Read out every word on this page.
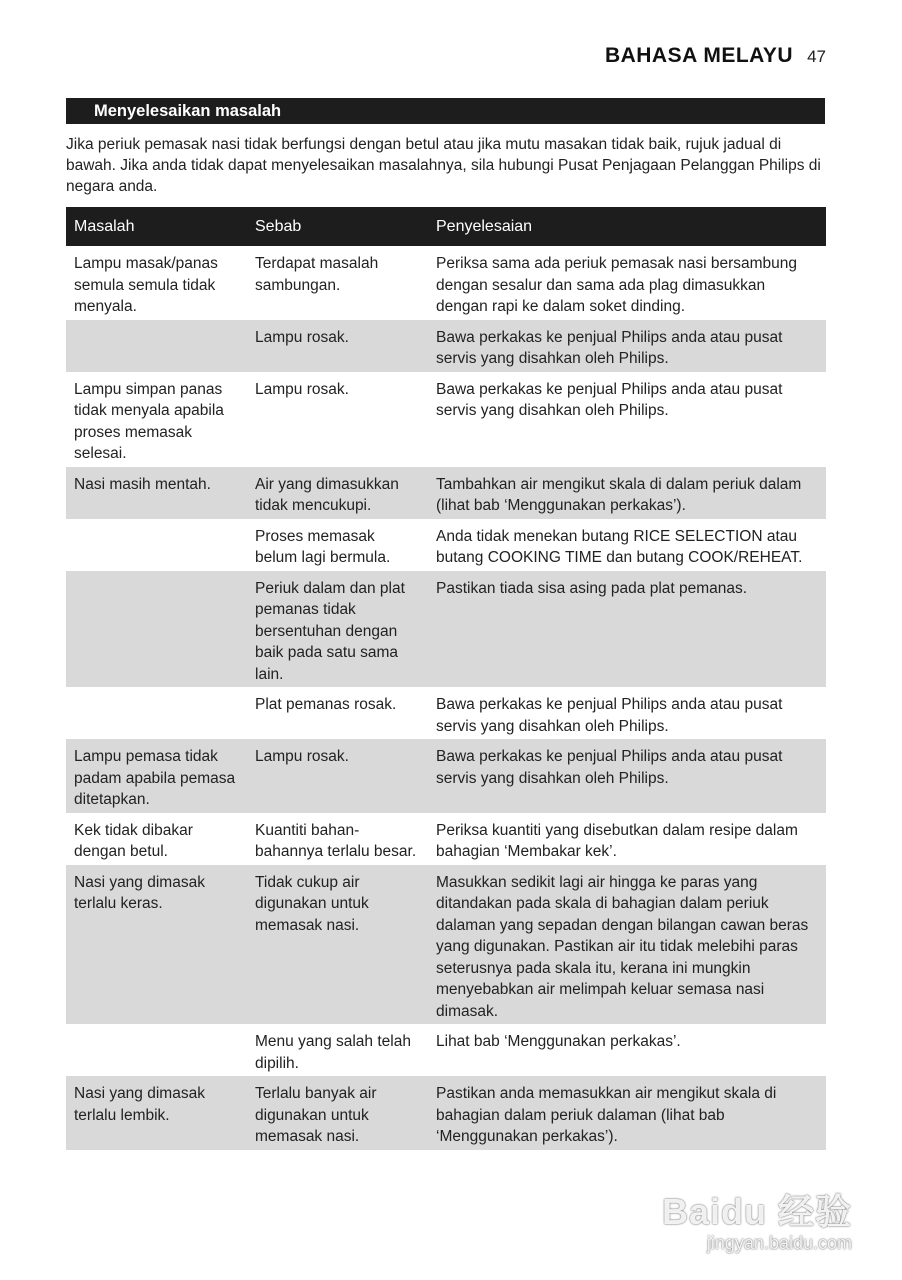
BAHASA MELAYU 47
Menyelesaikan masalah
Jika periuk pemasak nasi tidak berfungsi dengan betul atau jika mutu masakan tidak baik, rujuk jadual di bawah. Jika anda tidak dapat menyelesaikan masalahnya, sila hubungi Pusat Penjagaan Pelanggan Philips di negara anda.
Masalah	Sebab	Penyelesaian
Lampu masak/panas semula semula tidak menyala.	Terdapat masalah sambungan.	Periksa sama ada periuk pemasak nasi bersambung dengan sesalur dan sama ada plag dimasukkan dengan rapi ke dalam soket dinding.
	Lampu rosak.	Bawa perkakas ke penjual Philips anda atau pusat servis yang disahkan oleh Philips.
Lampu simpan panas tidak menyala apabila proses memasak selesai.	Lampu rosak.	Bawa perkakas ke penjual Philips anda atau pusat servis yang disahkan oleh Philips.
Nasi masih mentah.	Air yang dimasukkan tidak mencukupi.	Tambahkan air mengikut skala di dalam periuk dalam (lihat bab ‘Menggunakan perkakas’).
	Proses memasak belum lagi bermula.	Anda tidak menekan butang RICE SELECTION atau butang COOKING TIME dan butang COOK/REHEAT.
	Periuk dalam dan plat pemanas tidak bersentuhan dengan baik pada satu sama lain.	Pastikan tiada sisa asing pada plat pemanas.
	Plat pemanas rosak.	Bawa perkakas ke penjual Philips anda atau pusat servis yang disahkan oleh Philips.
Lampu pemasa tidak padam apabila pemasa ditetapkan.	Lampu rosak.	Bawa perkakas ke penjual Philips anda atau pusat servis yang disahkan oleh Philips.
Kek tidak dibakar dengan betul.	Kuantiti bahan-bahannya terlalu besar.	Periksa kuantiti yang disebutkan dalam resipe dalam bahagian ‘Membakar kek’.
Nasi yang dimasak terlalu keras.	Tidak cukup air digunakan untuk memasak nasi.	Masukkan sedikit lagi air hingga ke paras yang ditandakan pada skala di bahagian dalam periuk dalaman yang sepadan dengan bilangan cawan beras yang digunakan. Pastikan air itu tidak melebihi paras seterusnya pada skala itu, kerana ini mungkin menyebabkan air melimpah keluar semasa nasi dimasak.
	Menu yang salah telah dipilih.	Lihat bab ‘Menggunakan perkakas’.
Nasi yang dimasak terlalu lembik.	Terlalu banyak air digunakan untuk memasak nasi.	Pastikan anda memasukkan air mengikut skala di bahagian dalam periuk dalaman (lihat bab ‘Menggunakan perkakas’).
Baidu 经验
jingyan.baidu.com
